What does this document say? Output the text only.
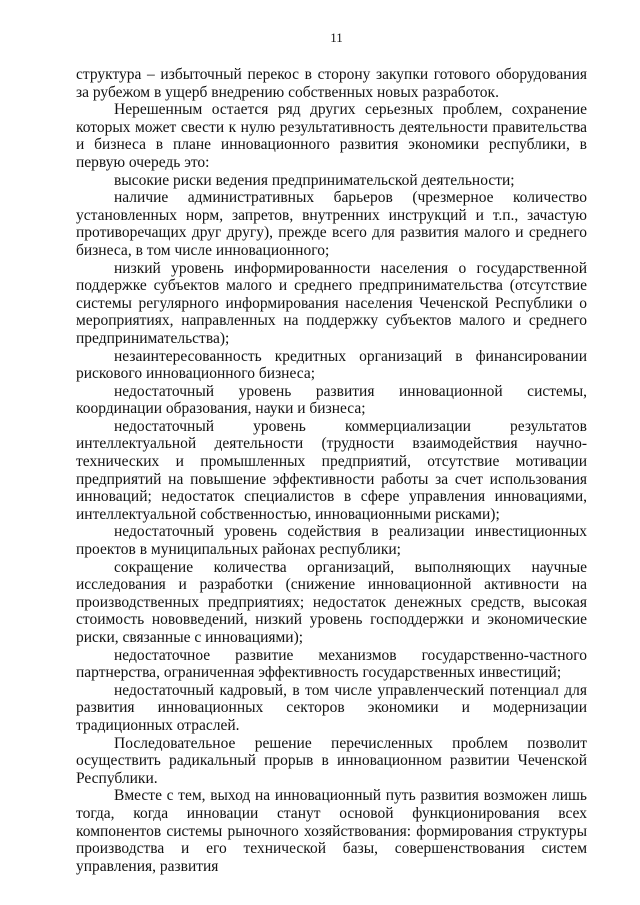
11

структура – избыточный перекос в сторону закупки готового оборудования за рубежом в ущерб внедрению собственных новых разработок.

Нерешенным остается ряд других серьезных проблем, сохранение которых может свести к нулю результативность деятельности правительства и бизнеса в плане инновационного развития экономики республики, в первую очередь это:

высокие риски ведения предпринимательской деятельности;

наличие административных барьеров (чрезмерное количество установленных норм, запретов, внутренних инструкций и т.п., зачастую противоречащих друг другу), прежде всего для развития малого и среднего бизнеса, в том числе инновационного;

низкий уровень информированности населения о государственной поддержке субъектов малого и среднего предпринимательства (отсутствие системы регулярного информирования населения Чеченской Республики о мероприятиях, направленных на поддержку субъектов малого и среднего предпринимательства);

незаинтересованность кредитных организаций в финансировании рискового инновационного бизнеса;

недостаточный уровень развития инновационной системы, координации образования, науки и бизнеса;

недостаточный уровень коммерциализации результатов интеллектуальной деятельности (трудности взаимодействия научно-технических и промышленных предприятий, отсутствие мотивации предприятий на повышение эффективности работы за счет использования инноваций; недостаток специалистов в сфере управления инновациями, интеллектуальной собственностью, инновационными рисками);

недостаточный уровень содействия в реализации инвестиционных проектов в муниципальных районах республики;

сокращение количества организаций, выполняющих научные исследования и разработки (снижение инновационной активности на производственных предприятиях; недостаток денежных средств, высокая стоимость нововведений, низкий уровень господдержки и экономические риски, связанные с инновациями);

недостаточное развитие механизмов государственно-частного партнерства, ограниченная эффективность государственных инвестиций;

недостаточный кадровый, в том числе управленческий потенциал для развития инновационных секторов экономики и модернизации традиционных отраслей.

Последовательное решение перечисленных проблем позволит осуществить радикальный прорыв в инновационном развитии Чеченской Республики.

Вместе с тем, выход на инновационный путь развития возможен лишь тогда, когда инновации станут основой функционирования всех компонентов системы рыночного хозяйствования: формирования структуры производства и его технической базы, совершенствования систем управления, развития
